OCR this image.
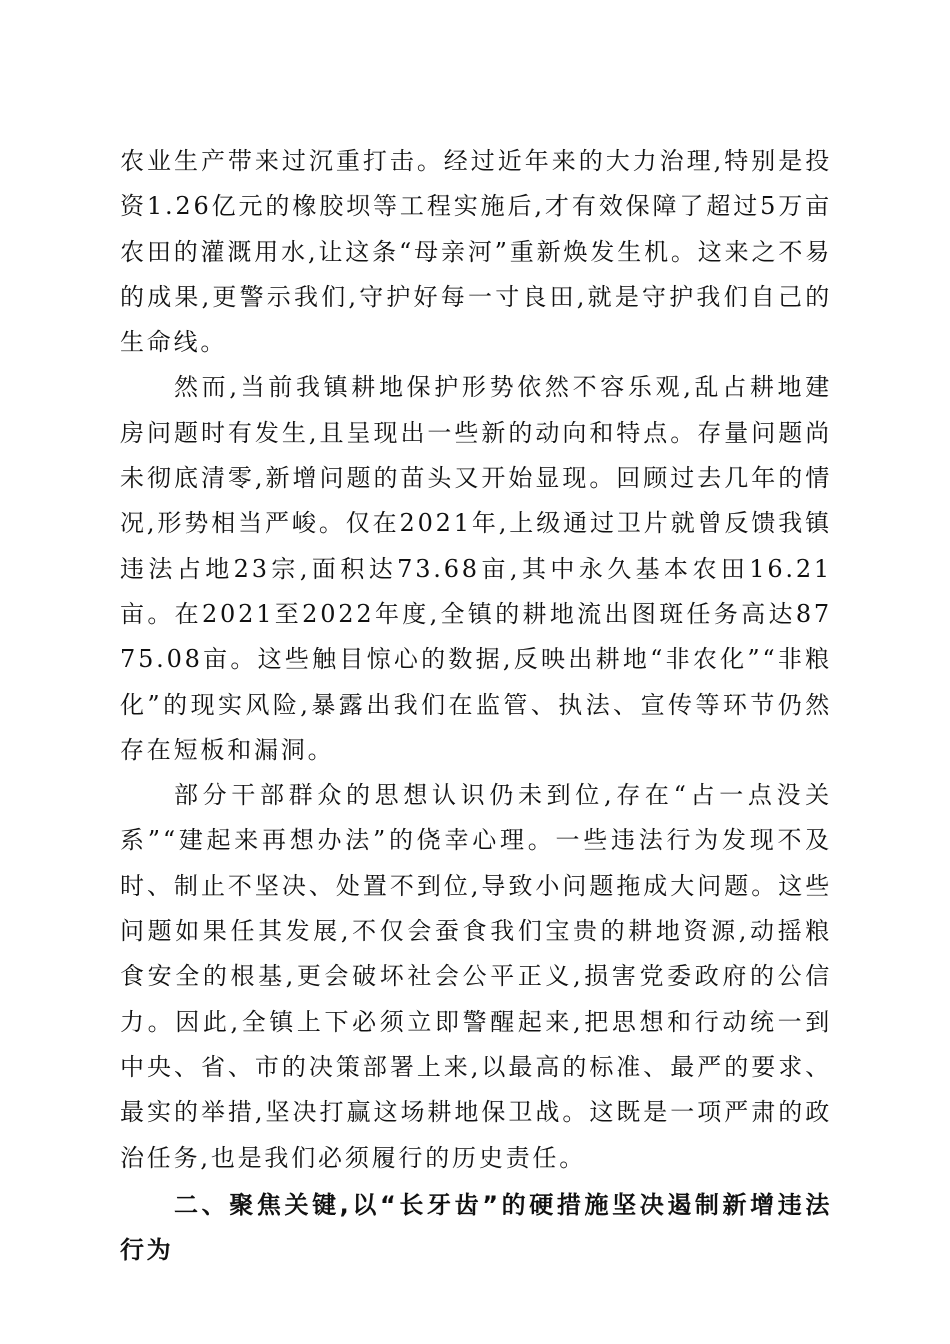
农业生产带来过沉重打击。经过近年来的大力治理,特别是投资1.26亿元的橡胶坝等工程实施后,才有效保障了超过5万亩农田的灌溉用水,让这条“母亲河”重新焕发生机。这来之不易的成果,更警示我们,守护好每一寸良田,就是守护我们自己的生命线。

然而,当前我镇耕地保护形势依然不容乐观,乱占耕地建房问题时有发生,且呈现出一些新的动向和特点。存量问题尚未彻底清零,新增问题的苗头又开始显现。回顾过去几年的情况,形势相当严峻。仅在2021年,上级通过卫片就曾反馈我镇违法占地23宗,面积达73.68亩,其中永久基本农田16.21亩。在2021至2022年度,全镇的耕地流出图斑任务高达8775.08亩。这些触目惊心的数据,反映出耕地“非农化”“非粮化”的现实风险,暴露出我们在监管、执法、宣传等环节仍然存在短板和漏洞。

部分干部群众的思想认识仍未到位,存在“占一点没关系”“建起来再想办法”的侥幸心理。一些违法行为发现不及时、制止不坚决、处置不到位,导致小问题拖成大问题。这些问题如果任其发展,不仅会蚕食我们宝贵的耕地资源,动摇粮食安全的根基,更会破坏社会公平正义,损害党委政府的公信力。因此,全镇上下必须立即警醒起来,把思想和行动统一到中央、省、市的决策部署上来,以最高的标准、最严的要求、最实的举措,坚决打赢这场耕地保卫战。这既是一项严肃的政治任务,也是我们必须履行的历史责任。

二、聚焦关键,以“长牙齿”的硬措施坚决遏制新增违法行为
